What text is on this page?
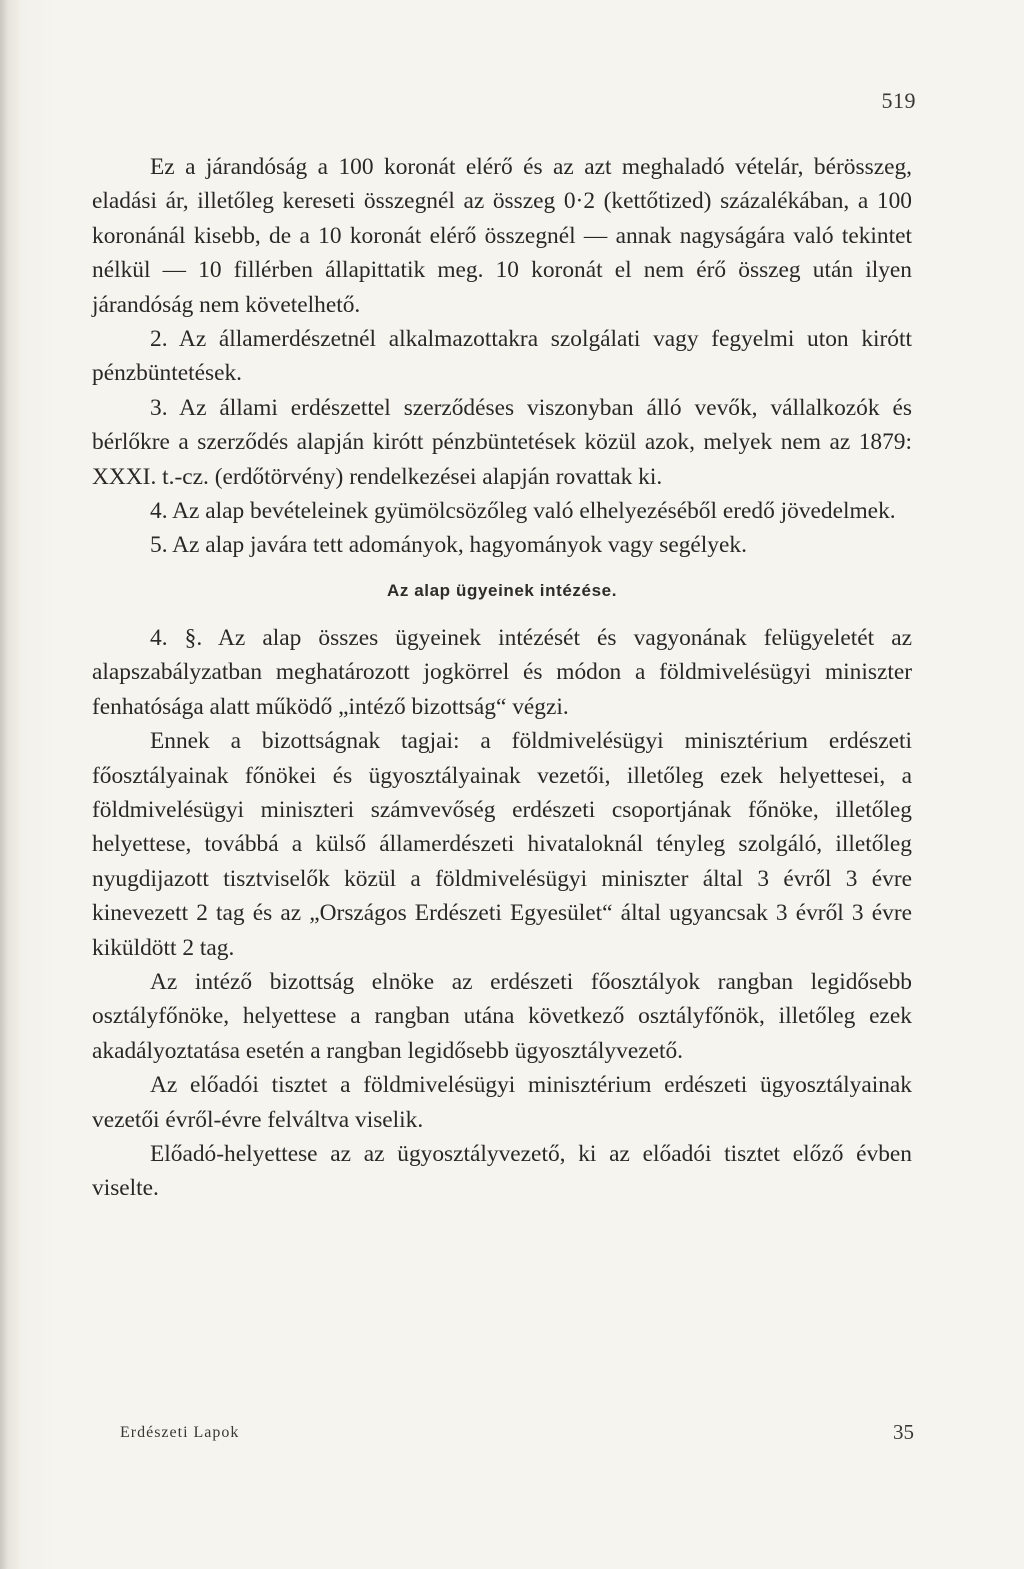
519

Ez a járandóság a 100 koronát elérő és az azt meghaladó vételár, bérösszeg, eladási ár, illetőleg kereseti összegnél az összeg 0·2 (kettőtized) százalékában, a 100 koronánál kisebb, de a 10 koronát elérő összegnél — annak nagyságára való tekintet nélkül — 10 fillérben állapittatik meg. 10 koronát el nem érő összeg után ilyen járandóság nem követelhető.

2. Az államerdészetnél alkalmazottakra szolgálati vagy fegyelmi uton kirótt pénzbüntetések.

3. Az állami erdészettel szerződéses viszonyban álló vevők, vállalkozók és bérlőkre a szerződés alapján kirótt pénzbüntetések közül azok, melyek nem az 1879: XXXI. t.-cz. (erdőtörvény) rendelkezései alapján rovattak ki.

4. Az alap bevételeinek gyümölcsözőleg való elhelyezéséből eredő jövedelmek.

5. Az alap javára tett adományok, hagyományok vagy segélyek.

Az alap ügyeinek intézése.

4. §. Az alap összes ügyeinek intézését és vagyonának felügyeletét az alapszabályzatban meghatározott jogkörrel és módon a földmivelésügyi miniszter fenhatósága alatt működő „intéző bizottság“ végzi.

Ennek a bizottságnak tagjai: a földmivelésügyi minisztérium erdészeti főosztályainak főnökei és ügyosztályainak vezetői, illetőleg ezek helyettesei, a földmivelésügyi miniszteri számvevőség erdészeti csoportjának főnöke, illetőleg helyettese, továbbá a külső államerdészeti hivataloknál tényleg szolgáló, illetőleg nyugdijazott tisztviselők közül a földmivelésügyi miniszter által 3 évről 3 évre kinevezett 2 tag és az „Országos Erdészeti Egyesület“ által ugyancsak 3 évről 3 évre kiküldött 2 tag.

Az intéző bizottság elnöke az erdészeti főosztályok rangban legidősebb osztályfőnöke, helyettese a rangban utána következő osztályfőnök, illetőleg ezek akadályoztatása esetén a rangban legidősebb ügyosztályvezető.

Az előadói tisztet a földmivelésügyi minisztérium erdészeti ügyosztályainak vezetői évről-évre felváltva viselik.

Előadó-helyettese az az ügyosztályvezető, ki az előadói tisztet előző évben viselte.

Erdészeti Lapok	35
